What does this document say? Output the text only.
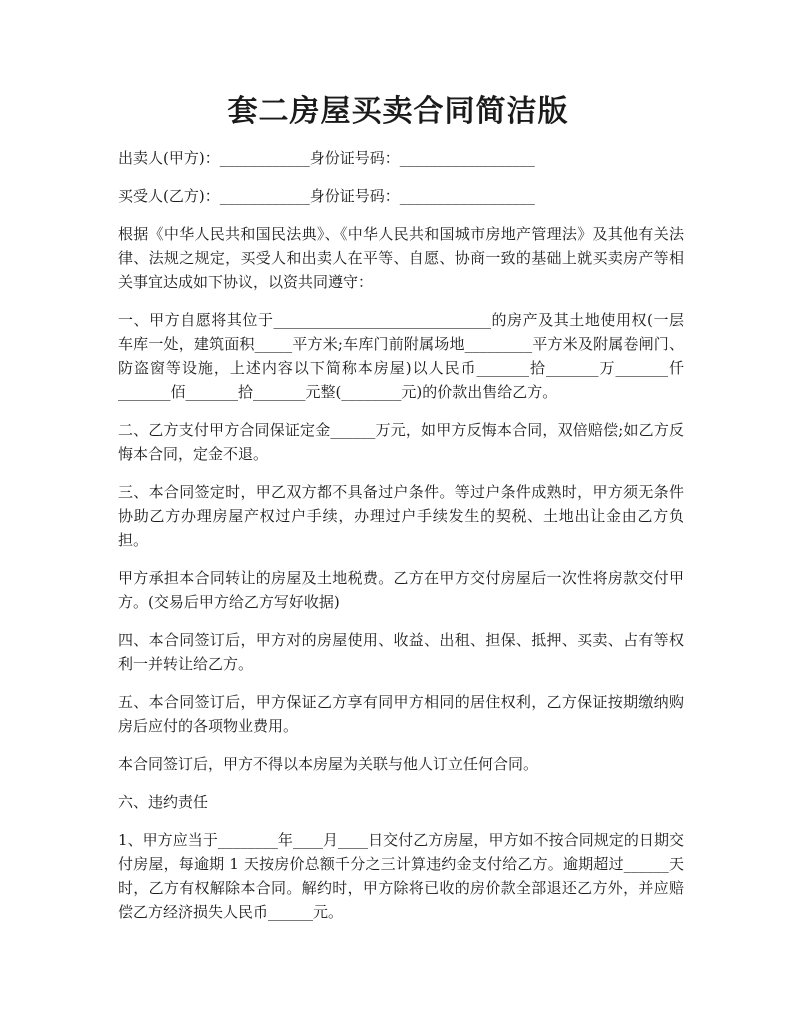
套二房屋买卖合同简洁版

出卖人(甲方)：____________身份证号码：__________________

买受人(乙方)：____________身份证号码：__________________

根据《中华人民共和国民法典》、《中华人民共和国城市房地产管理法》及其他有关法律、法规之规定，买受人和出卖人在平等、自愿、协商一致的基础上就买卖房产等相关事宜达成如下协议，以资共同遵守：

一、甲方自愿将其位于_____________________________的房产及其土地使用权(一层车库一处，建筑面积_____平方米;车库门前附属场地_________平方米及附属卷闸门、防盗窗等设施，上述内容以下简称本房屋)以人民币_______拾_______万_______仟_______佰_______拾_______元整(________元)的价款出售给乙方。

二、乙方支付甲方合同保证定金______万元，如甲方反悔本合同，双倍赔偿;如乙方反悔本合同，定金不退。

三、本合同签定时，甲乙双方都不具备过户条件。等过户条件成熟时，甲方须无条件协助乙方办理房屋产权过户手续，办理过户手续发生的契税、土地出让金由乙方负担。

甲方承担本合同转让的房屋及土地税费。乙方在甲方交付房屋后一次性将房款交付甲方。(交易后甲方给乙方写好收据)

四、本合同签订后，甲方对的房屋使用、收益、出租、担保、抵押、买卖、占有等权利一并转让给乙方。

五、本合同签订后，甲方保证乙方享有同甲方相同的居住权利，乙方保证按期缴纳购房后应付的各项物业费用。

本合同签订后，甲方不得以本房屋为关联与他人订立任何合同。

六、违约责任

1、甲方应当于________年____月____日交付乙方房屋，甲方如不按合同规定的日期交付房屋，每逾期 1 天按房价总额千分之三计算违约金支付给乙方。逾期超过______天时，乙方有权解除本合同。解约时，甲方除将已收的房价款全部退还乙方外，并应赔偿乙方经济损失人民币______元。
